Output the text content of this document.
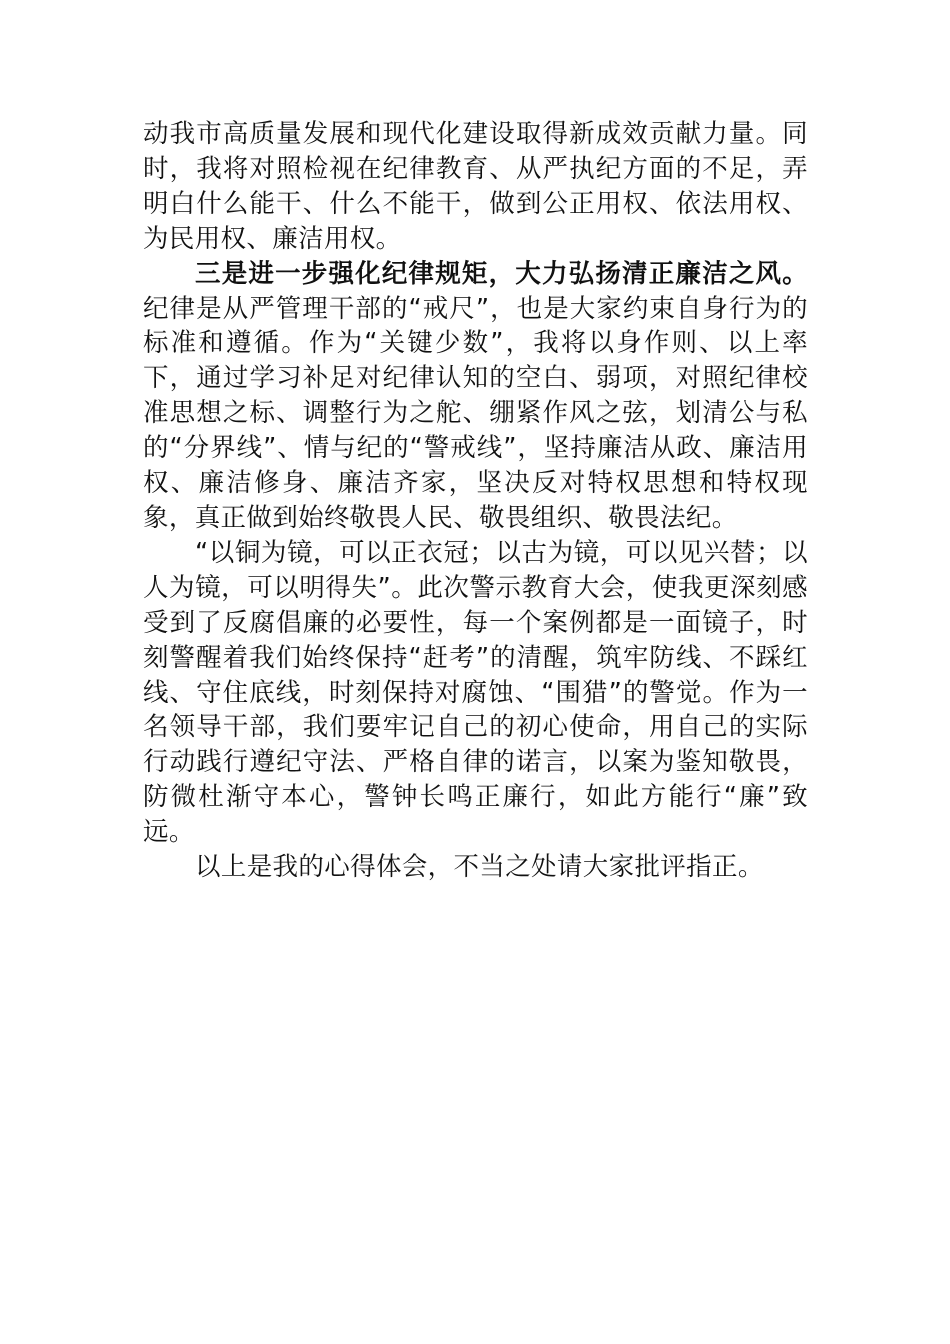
动我市高质量发展和现代化建设取得新成效贡献力量。同时，我将对照检视在纪律教育、从严执纪方面的不足，弄明白什么能干、什么不能干，做到公正用权、依法用权、为民用权、廉洁用权。

三是进一步强化纪律规矩，大力弘扬清正廉洁之风。纪律是从严管理干部的“戒尺”，也是大家约束自身行为的标准和遵循。作为“关键少数”，我将以身作则、以上率下，通过学习补足对纪律认知的空白、弱项，对照纪律校准思想之标、调整行为之舵、绷紧作风之弦，划清公与私的“分界线”、情与纪的“警戒线”，坚持廉洁从政、廉洁用权、廉洁修身、廉洁齐家，坚决反对特权思想和特权现象，真正做到始终敬畏人民、敬畏组织、敬畏法纪。

“以铜为镜，可以正衣冠；以古为镜，可以见兴替；以人为镜，可以明得失”。此次警示教育大会，使我更深刻感受到了反腐倡廉的必要性，每一个案例都是一面镜子，时刻警醒着我们始终保持“赶考”的清醒，筑牢防线、不踩红线、守住底线，时刻保持对腐蚀、“围猎”的警觉。作为一名领导干部，我们要牢记自己的初心使命，用自己的实际行动践行遵纪守法、严格自律的诺言，以案为鉴知敬畏，防微杜渐守本心，警钟长鸣正廉行，如此方能行“廉”致远。

以上是我的心得体会，不当之处请大家批评指正。
